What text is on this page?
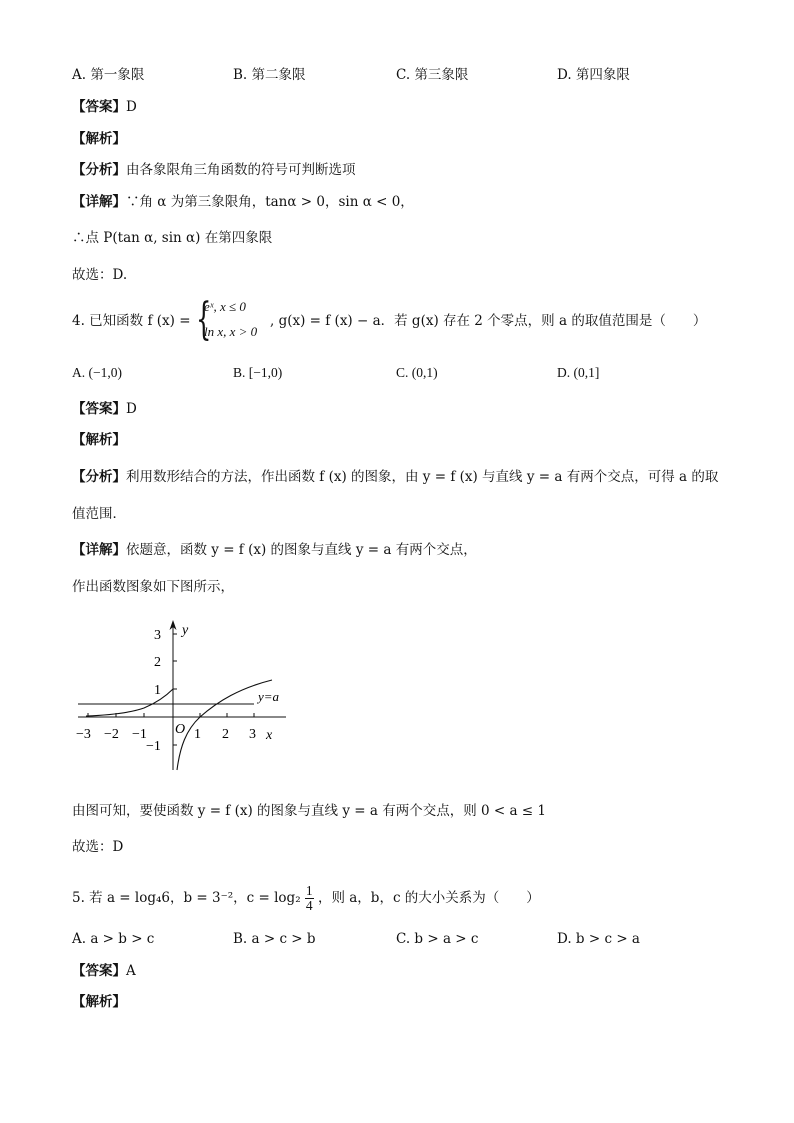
A. 第一象限	B. 第二象限	C. 第三象限	D. 第四象限
【答案】D
【解析】
【分析】由各象限角三角函数的符号可判断选项
【详解】∵角 α 为第三象限角，tanα > 0，sin α < 0，
∴点 P(tan α, sin α) 在第四象限
故选：D.
4. 已知函数 f (x) = {
eˣ, x ≤ 0
ln x, x > 0
, g(x) = f (x) − a．若 g(x) 存在 2 个零点，则 a 的取值范围是（　　）
A. (−1,0)	B. [−1,0)	C. (0,1)	D. (0,1]
【答案】D
【解析】
【分析】利用数形结合的方法，作出函数 f (x) 的图象，由 y = f (x) 与直线 y = a 有两个交点，可得 a 的取
值范围．
【详解】依题意，函数 y = f (x) 的图象与直线 y = a 有两个交点，
作出函数图象如下图所示，
y
x
O
y=a
3
2
1
−1
−3 −2 −1	1 2 3
由图可知，要使函数 y = f (x) 的图象与直线 y = a 有两个交点，则 0 < a ≤ 1
故选：D
5. 若 a = log₄6，b = 3⁻²，$c = \log_2 \frac{1}{4}$ ，则 a，b，c 的大小关系为（　　）
A. a > b > c	B. a > c > b	C. b > a > c	D. b > c > a
【答案】A
【解析】
